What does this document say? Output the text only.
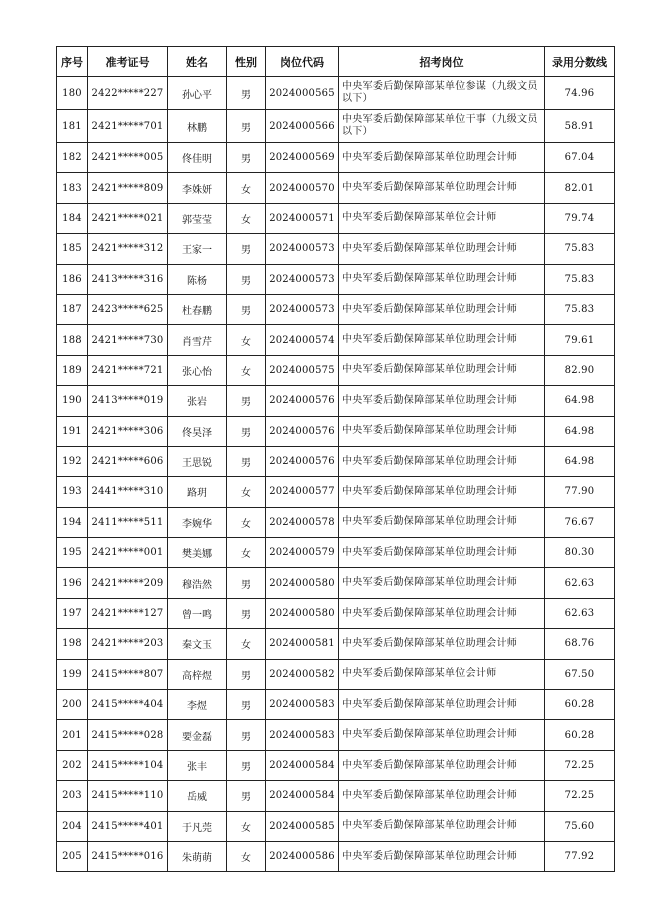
序号	准考证号	姓名	性别	岗位代码	招考岗位	录用分数线
180	2422*****227	孙心平	男	2024000565	中央军委后勤保障部某单位参谋（九级文员以下）	74.96
181	2421*****701	林鹏	男	2024000566	中央军委后勤保障部某单位干事（九级文员以下）	58.91
182	2421*****005	佟佳明	男	2024000569	中央军委后勤保障部某单位助理会计师	67.04
183	2421*****809	李姝妍	女	2024000570	中央军委后勤保障部某单位助理会计师	82.01
184	2421*****021	郭莹莹	女	2024000571	中央军委后勤保障部某单位会计师	79.74
185	2421*****312	王家一	男	2024000573	中央军委后勤保障部某单位助理会计师	75.83
186	2413*****316	陈杨	男	2024000573	中央军委后勤保障部某单位助理会计师	75.83
187	2423*****625	杜春鹏	男	2024000573	中央军委后勤保障部某单位助理会计师	75.83
188	2421*****730	肖雪芹	女	2024000574	中央军委后勤保障部某单位助理会计师	79.61
189	2421*****721	张心怡	女	2024000575	中央军委后勤保障部某单位助理会计师	82.90
190	2413*****019	张岩	男	2024000576	中央军委后勤保障部某单位助理会计师	64.98
191	2421*****306	佟昊泽	男	2024000576	中央军委后勤保障部某单位助理会计师	64.98
192	2421*****606	王思锐	男	2024000576	中央军委后勤保障部某单位助理会计师	64.98
193	2441*****310	路玥	女	2024000577	中央军委后勤保障部某单位助理会计师	77.90
194	2411*****511	李婉华	女	2024000578	中央军委后勤保障部某单位助理会计师	76.67
195	2421*****001	樊美娜	女	2024000579	中央军委后勤保障部某单位助理会计师	80.30
196	2421*****209	穆浩然	男	2024000580	中央军委后勤保障部某单位助理会计师	62.63
197	2421*****127	曾一鸣	男	2024000580	中央军委后勤保障部某单位助理会计师	62.63
198	2421*****203	秦文玉	女	2024000581	中央军委后勤保障部某单位助理会计师	68.76
199	2415*****807	高梓煜	男	2024000582	中央军委后勤保障部某单位会计师	67.50
200	2415*****404	李煜	男	2024000583	中央军委后勤保障部某单位助理会计师	60.28
201	2415*****028	要金磊	男	2024000583	中央军委后勤保障部某单位助理会计师	60.28
202	2415*****104	张丰	男	2024000584	中央军委后勤保障部某单位助理会计师	72.25
203	2415*****110	岳威	男	2024000584	中央军委后勤保障部某单位助理会计师	72.25
204	2415*****401	于凡莞	女	2024000585	中央军委后勤保障部某单位助理会计师	75.60
205	2415*****016	朱萌萌	女	2024000586	中央军委后勤保障部某单位助理会计师	77.92
